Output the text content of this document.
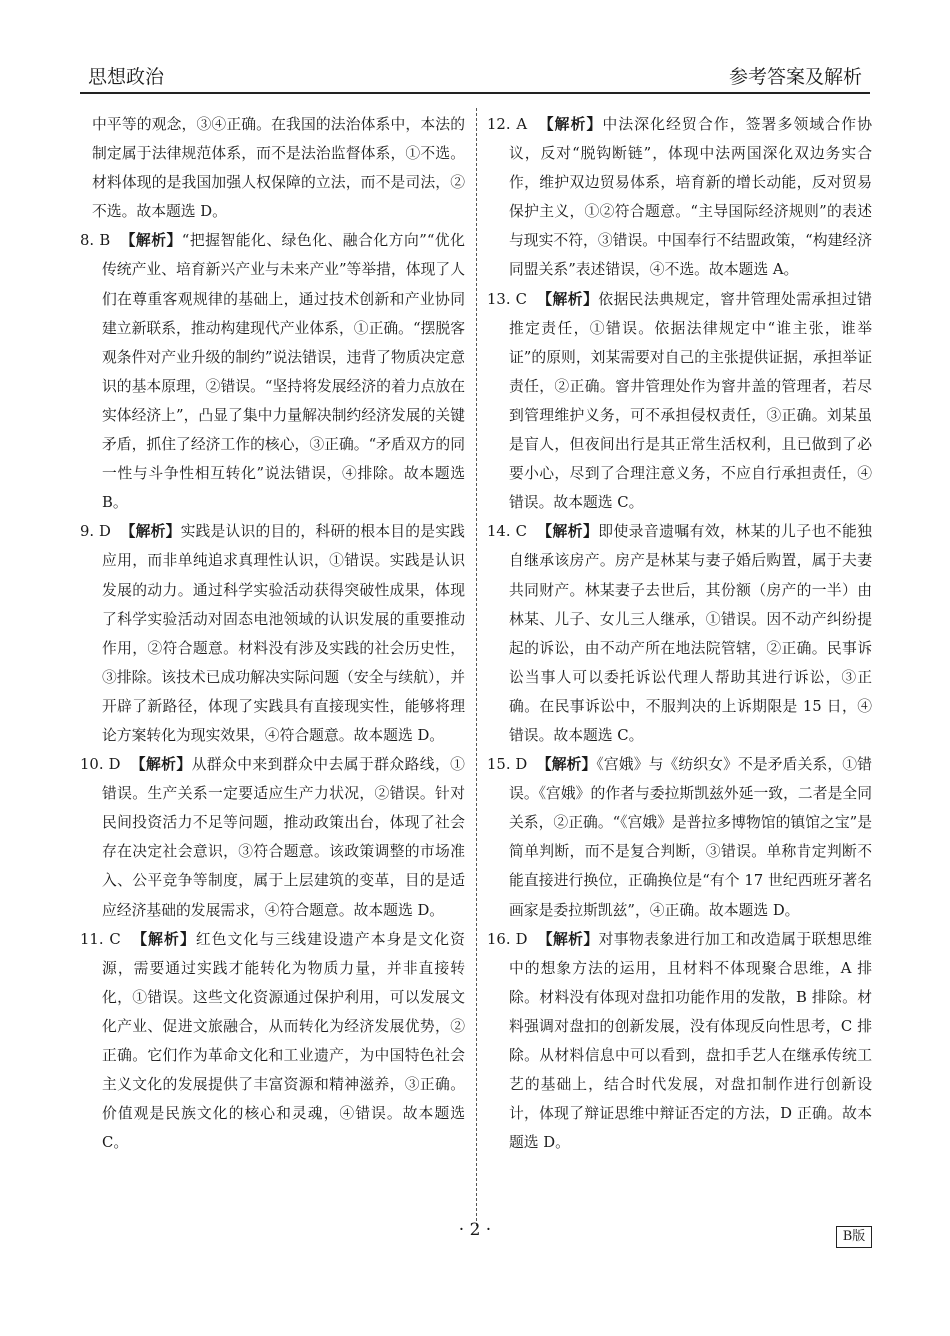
思想政治	参考答案及解析

中平等的观念，③④正确。在我国的法治体系中，本法的制定属于法律规范体系，而不是法治监督体系，①不选。材料体现的是我国加强人权保障的立法，而不是司法，②不选。故本题选 D。

8. B 【解析】“把握智能化、绿色化、融合化方向”“优化传统产业、培育新兴产业与未来产业”等举措，体现了人们在尊重客观规律的基础上，通过技术创新和产业协同建立新联系，推动构建现代产业体系，①正确。“摆脱客观条件对产业升级的制约”说法错误，违背了物质决定意识的基本原理，②错误。“坚持将发展经济的着力点放在实体经济上”，凸显了集中力量解决制约经济发展的关键矛盾，抓住了经济工作的核心，③正确。“矛盾双方的同一性与斗争性相互转化”说法错误，④排除。故本题选 B。

9. D 【解析】实践是认识的目的，科研的根本目的是实践应用，而非单纯追求真理性认识，①错误。实践是认识发展的动力。通过科学实验活动获得突破性成果，体现了科学实验活动对固态电池领域的认识发展的重要推动作用，②符合题意。材料没有涉及实践的社会历史性，③排除。该技术已成功解决实际问题（安全与续航），并开辟了新路径，体现了实践具有直接现实性，能够将理论方案转化为现实效果，④符合题意。故本题选 D。

10. D 【解析】从群众中来到群众中去属于群众路线，①错误。生产关系一定要适应生产力状况，②错误。针对民间投资活力不足等问题，推动政策出台，体现了社会存在决定社会意识，③符合题意。该政策调整的市场准入、公平竞争等制度，属于上层建筑的变革，目的是适应经济基础的发展需求，④符合题意。故本题选 D。

11. C 【解析】红色文化与三线建设遗产本身是文化资源，需要通过实践才能转化为物质力量，并非直接转化，①错误。这些文化资源通过保护利用，可以发展文化产业、促进文旅融合，从而转化为经济发展优势，②正确。它们作为革命文化和工业遗产，为中国特色社会主义文化的发展提供了丰富资源和精神滋养，③正确。价值观是民族文化的核心和灵魂，④错误。故本题选 C。

12. A 【解析】中法深化经贸合作，签署多领域合作协议，反对“脱钩断链”，体现中法两国深化双边务实合作，维护双边贸易体系，培育新的增长动能，反对贸易保护主义，①②符合题意。“主导国际经济规则”的表述与现实不符，③错误。中国奉行不结盟政策，“构建经济同盟关系”表述错误，④不选。故本题选 A。

13. C 【解析】依据民法典规定，窨井管理处需承担过错推定责任，①错误。依据法律规定中“谁主张，谁举证”的原则，刘某需要对自己的主张提供证据，承担举证责任，②正确。窨井管理处作为窨井盖的管理者，若尽到管理维护义务，可不承担侵权责任，③正确。刘某虽是盲人，但夜间出行是其正常生活权利，且已做到了必要小心，尽到了合理注意义务，不应自行承担责任，④错误。故本题选 C。

14. C 【解析】即使录音遗嘱有效，林某的儿子也不能独自继承该房产。房产是林某与妻子婚后购置，属于夫妻共同财产。林某妻子去世后，其份额（房产的一半）由林某、儿子、女儿三人继承，①错误。因不动产纠纷提起的诉讼，由不动产所在地法院管辖，②正确。民事诉讼当事人可以委托诉讼代理人帮助其进行诉讼，③正确。在民事诉讼中，不服判决的上诉期限是 15 日，④错误。故本题选 C。

15. D 【解析】《宫娥》与《纺织女》不是矛盾关系，①错误。《宫娥》的作者与委拉斯凯兹外延一致，二者是全同关系，②正确。“《宫娥》是普拉多博物馆的镇馆之宝”是简单判断，而不是复合判断，③错误。单称肯定判断不能直接进行换位，正确换位是“有个 17 世纪西班牙著名画家是委拉斯凯兹”，④正确。故本题选 D。

16. D 【解析】对事物表象进行加工和改造属于联想思维中的想象方法的运用，且材料不体现聚合思维，A 排除。材料没有体现对盘扣功能作用的发散，B 排除。材料强调对盘扣的创新发展，没有体现反向性思考，C 排除。从材料信息中可以看到，盘扣手艺人在继承传统工艺的基础上，结合时代发展，对盘扣制作进行创新设计，体现了辩证思维中辩证否定的方法，D 正确。故本题选 D。

· 2 ·	B版
